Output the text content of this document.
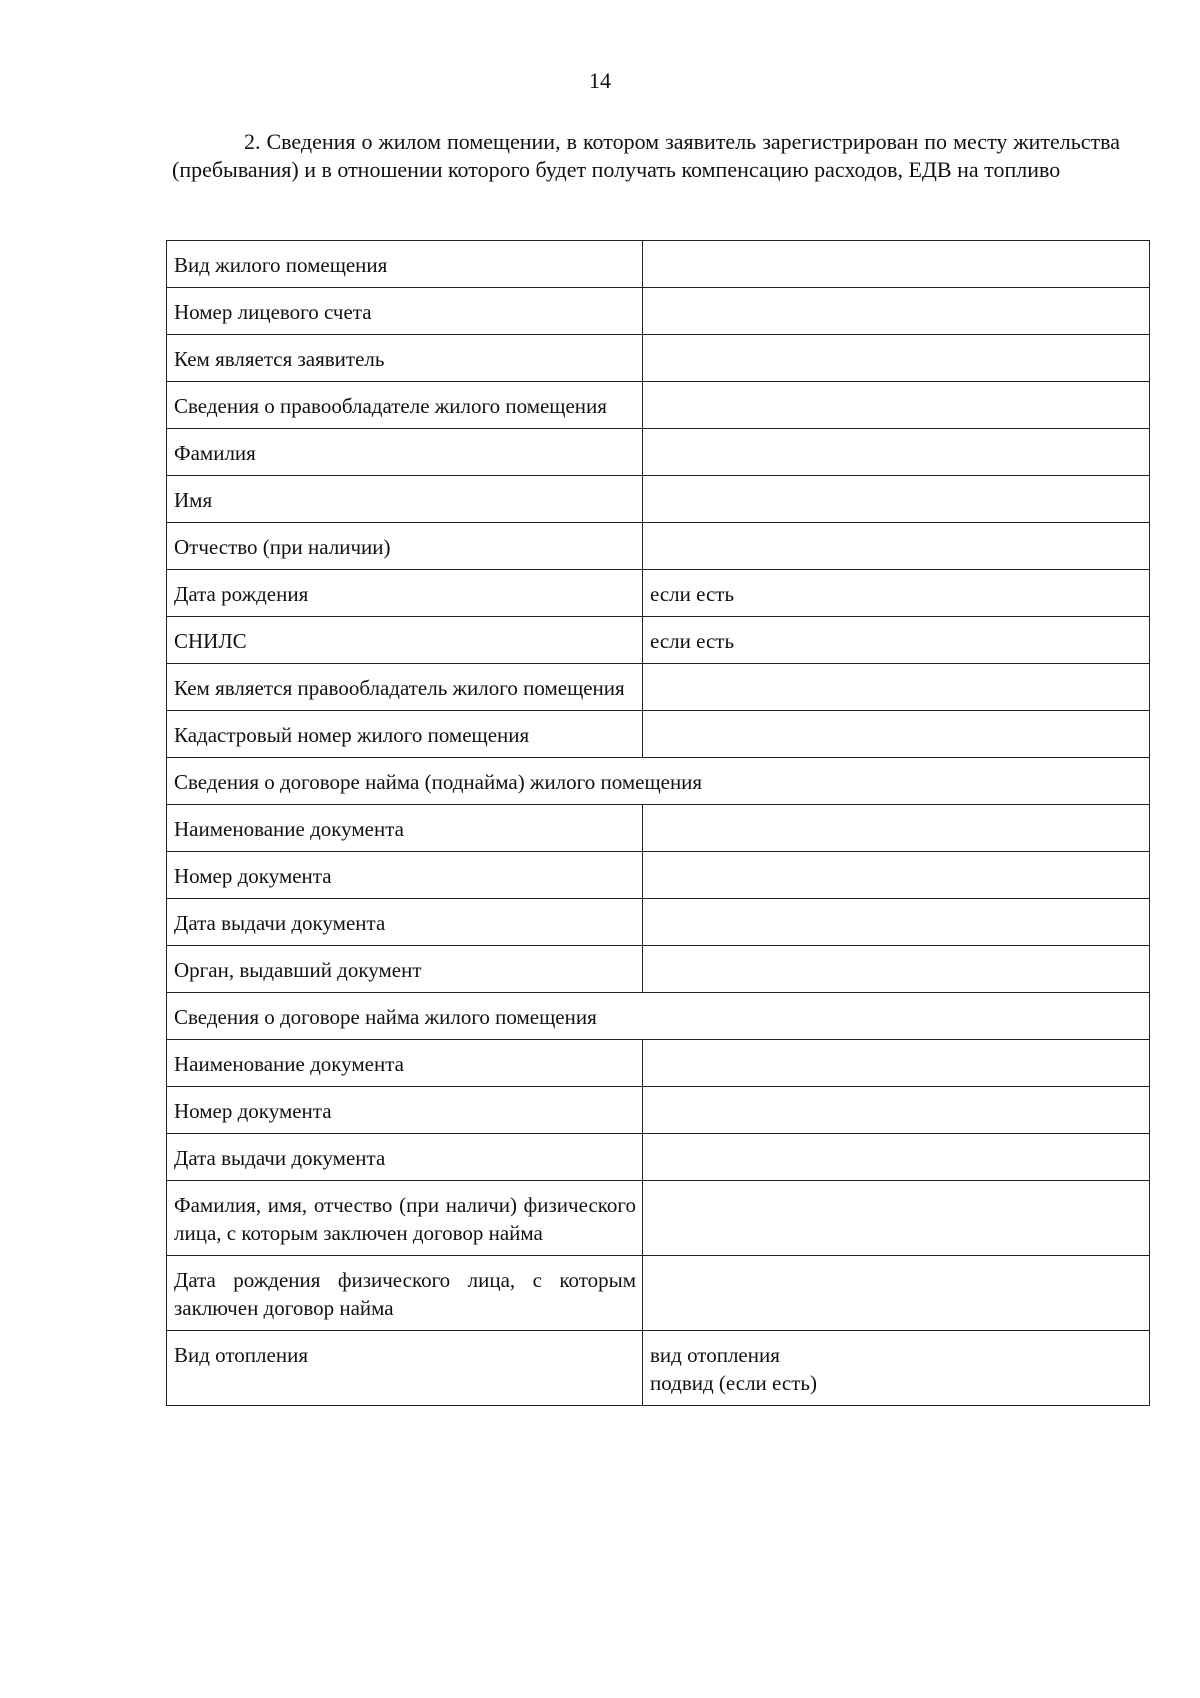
14
2. Сведения о жилом помещении, в котором заявитель зарегистрирован по месту жительства (пребывания) и в отношении которого будет получать компенсацию расходов, ЕДВ на топливо
Вид жилого помещения	
Номер лицевого счета	
Кем является заявитель	
Сведения о правообладателе жилого помещения	
Фамилия	
Имя	
Отчество (при наличии)	
Дата рождения	если есть
СНИЛС	если есть
Кем является правообладатель жилого помещения	
Кадастровый номер жилого помещения	
Сведения о договоре найма (поднайма) жилого помещения	
Наименование документа	
Номер документа	
Дата выдачи документа	
Орган, выдавший документ	
Сведения о договоре найма жилого помещения	
Наименование документа	
Номер документа	
Дата выдачи документа	
Фамилия, имя, отчество (при наличи) физического лица, с которым заключен договор найма	
Дата рождения физического лица, с которым заключен договор найма	
Вид отопления	вид отопления
подвид (если есть)
